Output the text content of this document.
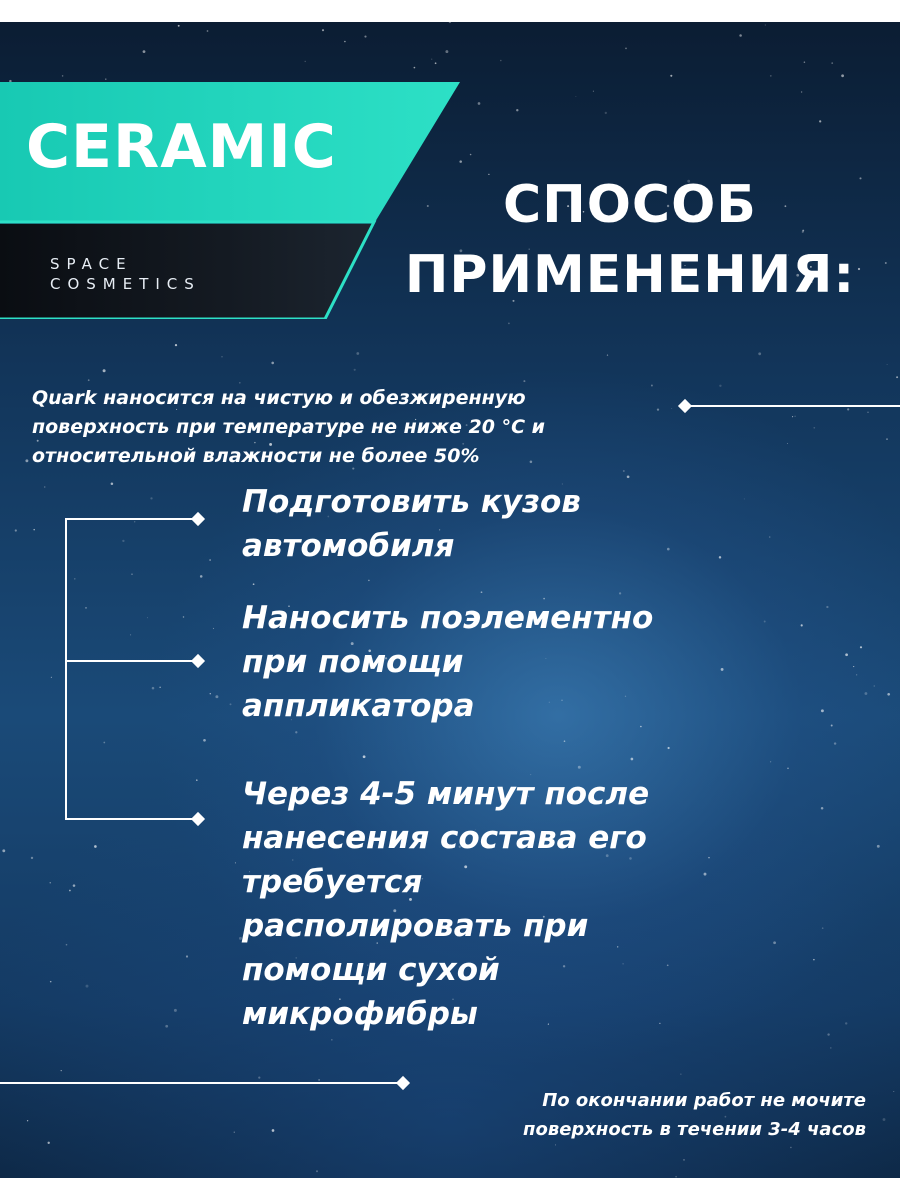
CERAMIC
SPACE
COSMETICS
СПОСОБ
ПРИМЕНЕНИЯ:
Quark наносится на чистую и обезжиренную
поверхность при температуре не ниже 20 °C и
относительной влажности не более 50%
Подготовить кузов
автомобиля
Наносить поэлементно
при помощи
аппликатора
Через 4-5 минут после
нанесения состава его
требуется
располировать при
помощи сухой
микрофибры
По окончании работ не мочите
поверхность в течении 3-4 часов
